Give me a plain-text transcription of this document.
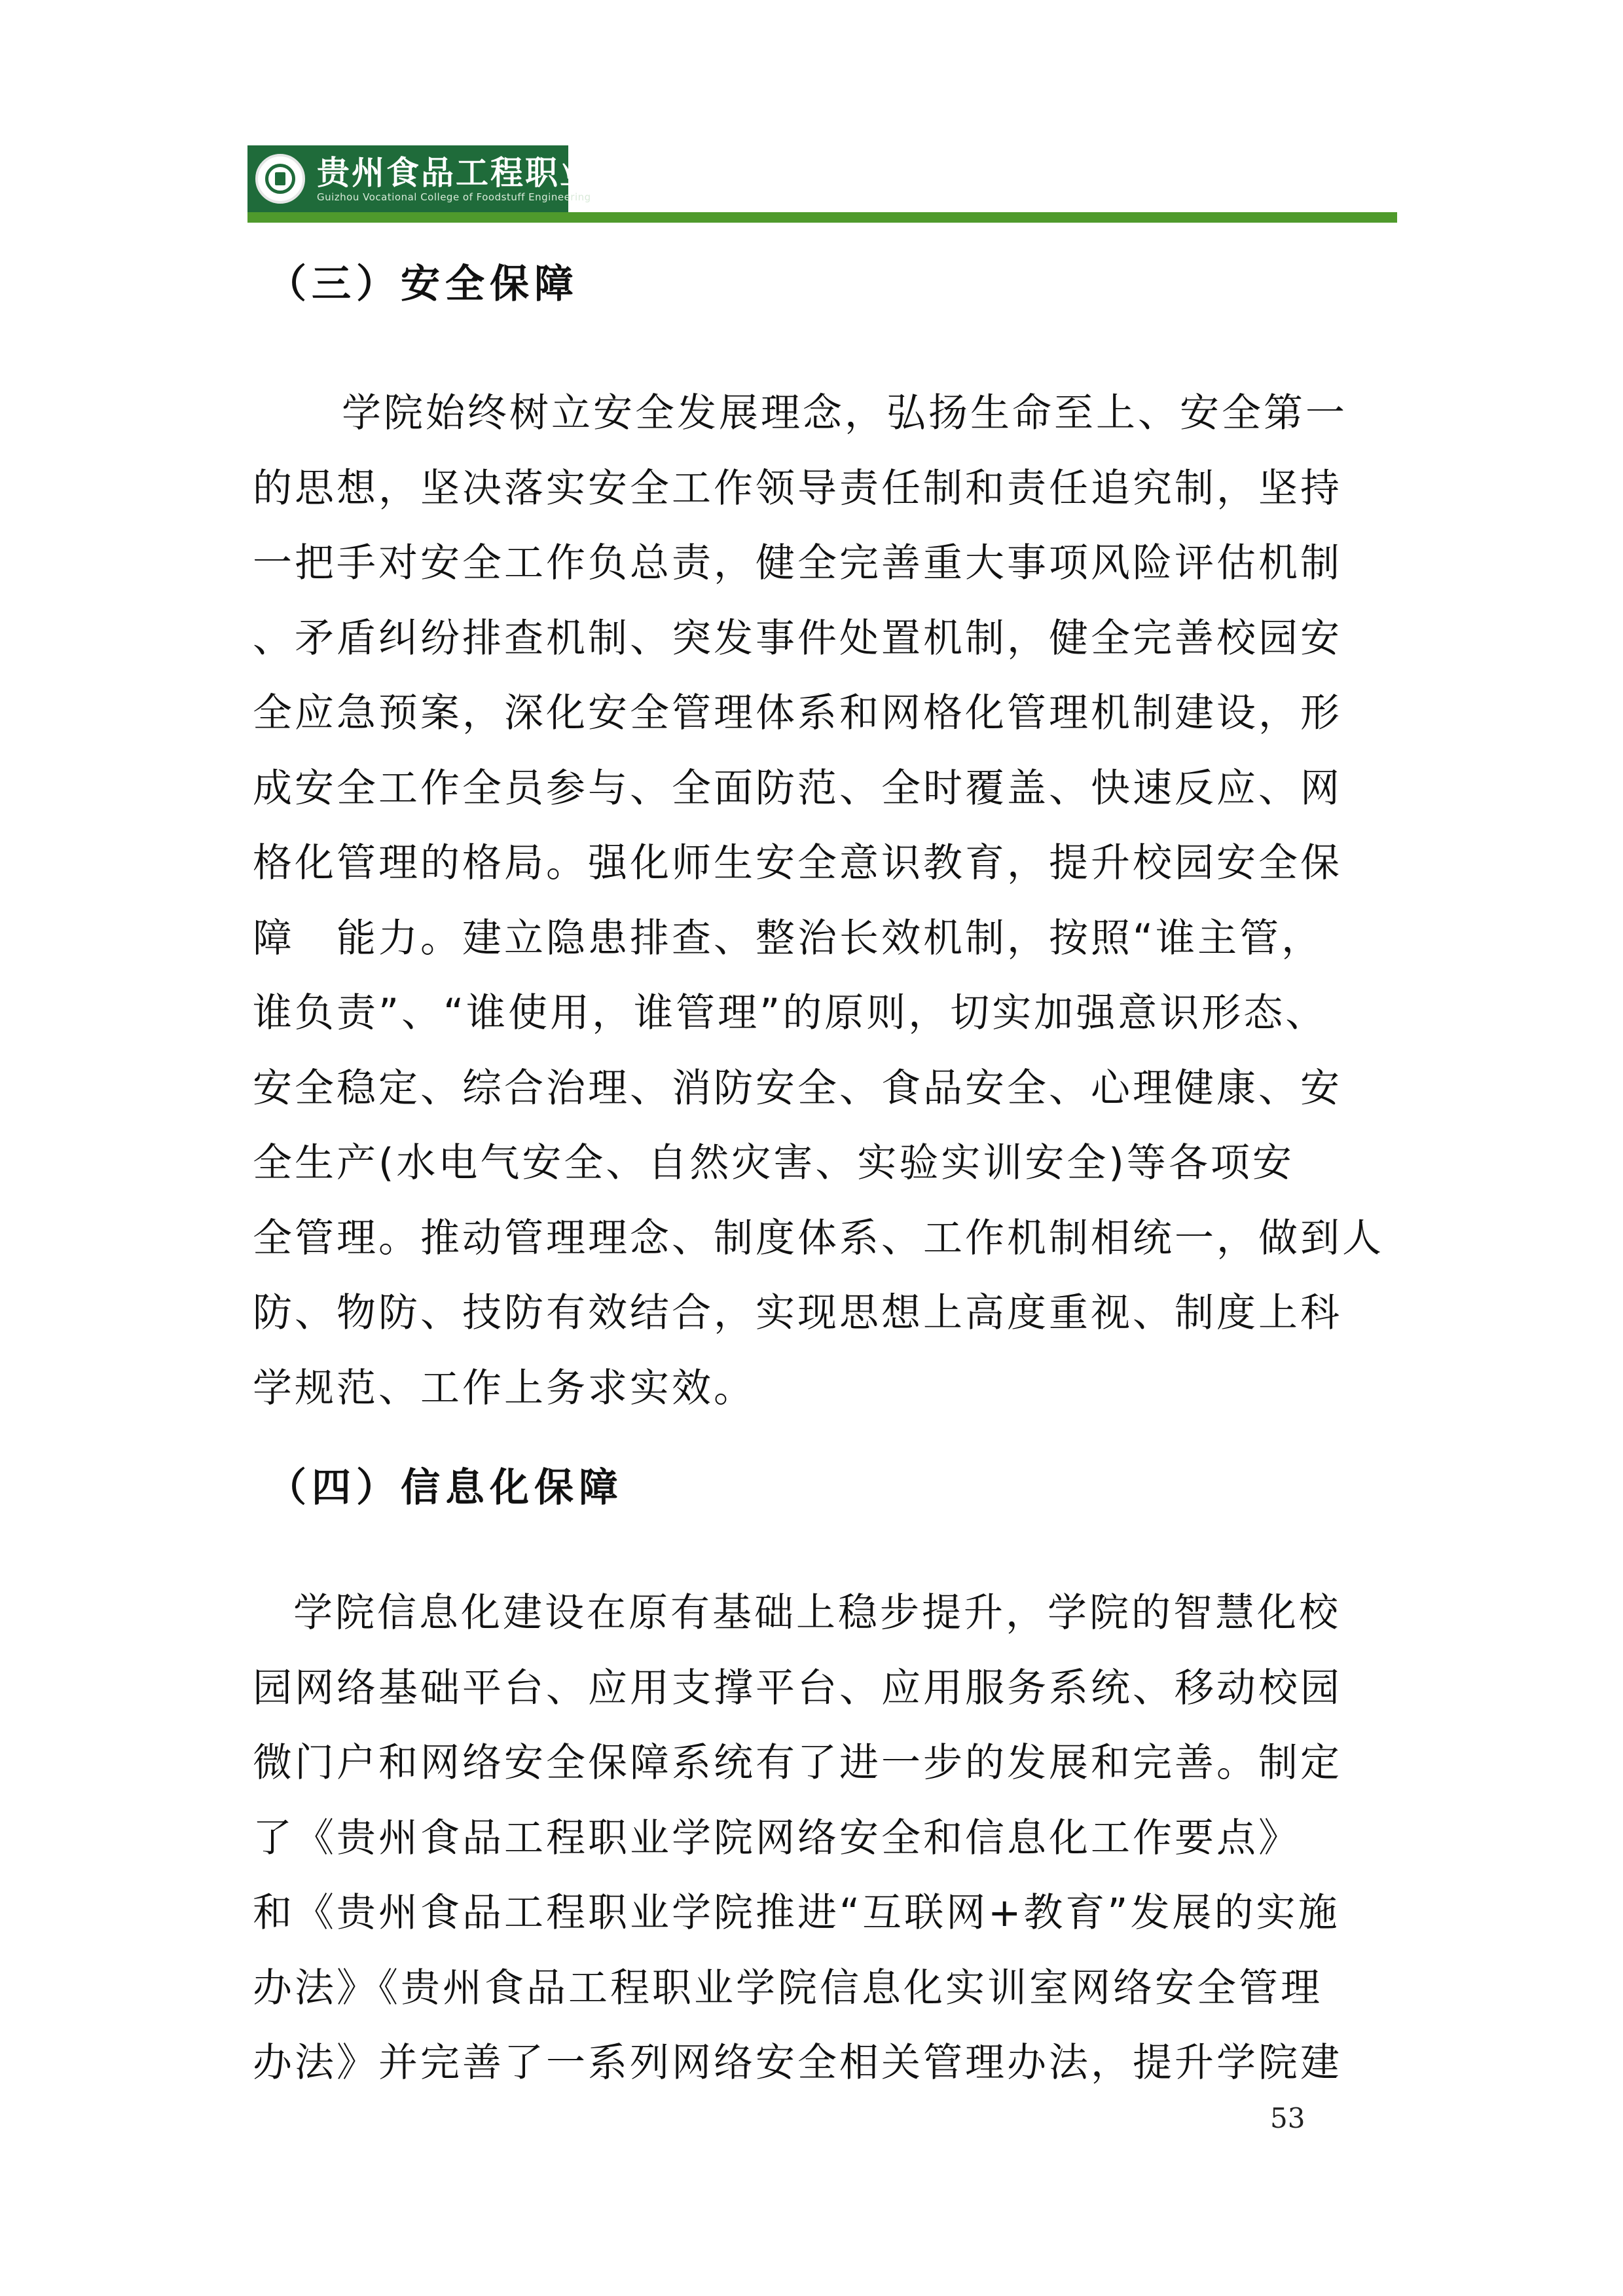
贵州食品工程职业学院
Guizhou Vocational College of Foodstuff Engineering
（三）安全保障
学院始终树立安全发展理念，弘扬生命至上、安全第一
的思想，坚决落实安全工作领导责任制和责任追究制，坚持
一把手对安全工作负总责，健全完善重大事项风险评估机制
、矛盾纠纷排查机制、突发事件处置机制，健全完善校园安
全应急预案，深化安全管理体系和网格化管理机制建设，形
成安全工作全员参与、全面防范、全时覆盖、快速反应、网
格化管理的格局。强化师生安全意识教育，提升校园安全保
障　能力。建立隐患排查、整治长效机制，按照“谁主管，
谁负责”、“谁使用，谁管理”的原则，切实加强意识形态、
安全稳定、综合治理、消防安全、食品安全、心理健康、安
全生产(水电气安全、自然灾害、实验实训安全)等各项安
全管理。推动管理理念、制度体系、工作机制相统一，做到人
防、物防、技防有效结合，实现思想上高度重视、制度上科
学规范、工作上务求实效。
（四）信息化保障
学院信息化建设在原有基础上稳步提升，学院的智慧化校
园网络基础平台、应用支撑平台、应用服务系统、移动校园
微门户和网络安全保障系统有了进一步的发展和完善。制定
了《贵州食品工程职业学院网络安全和信息化工作要点》
和《贵州食品工程职业学院推进“互联网+教育”发展的实施
办法》《贵州食品工程职业学院信息化实训室网络安全管理
办法》并完善了一系列网络安全相关管理办法，提升学院建
53
